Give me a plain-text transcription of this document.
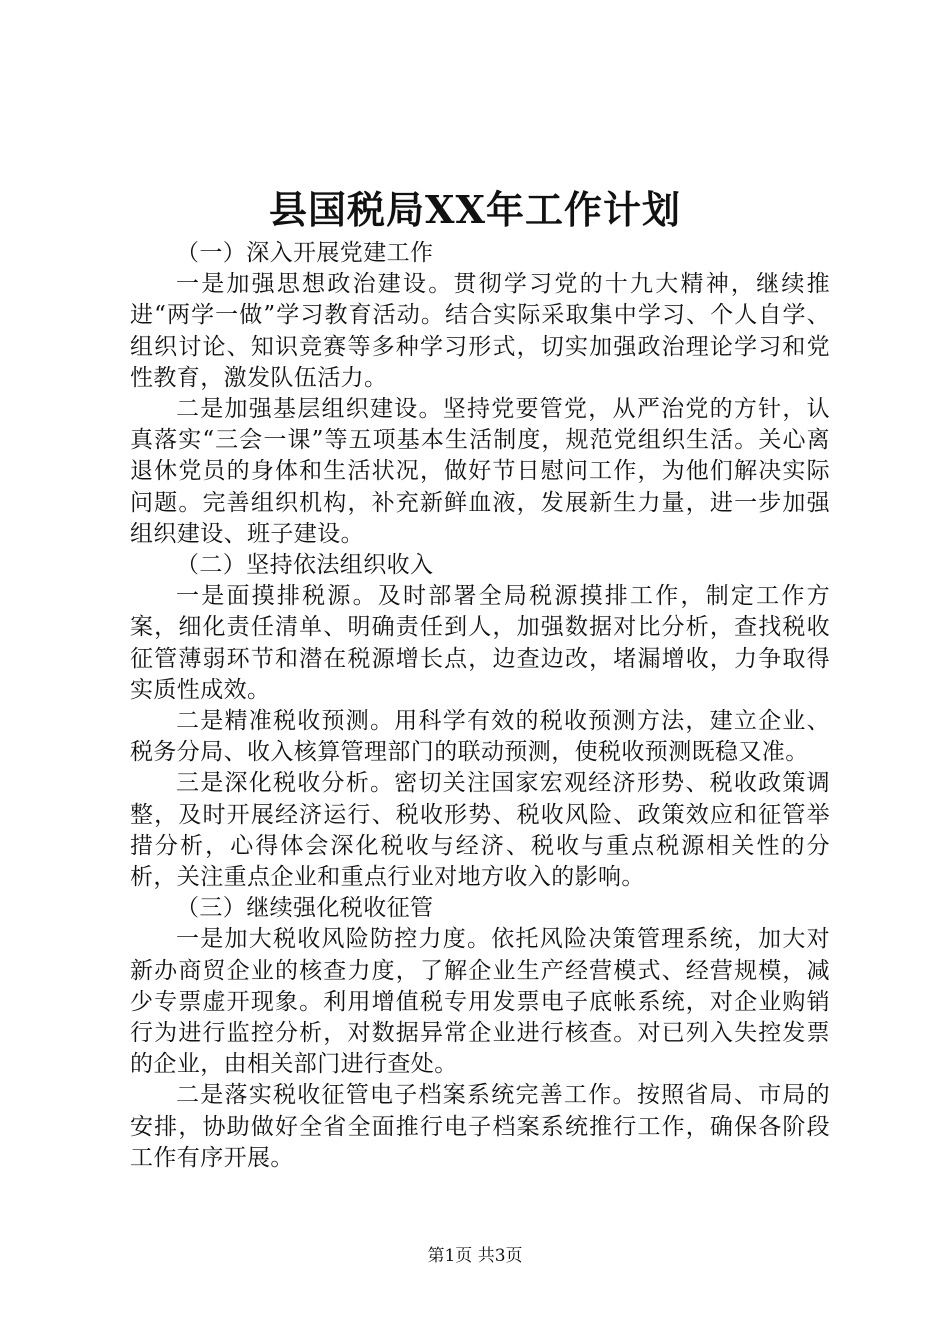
县国税局XX年工作计划

（一）深入开展党建工作

一是加强思想政治建设。贯彻学习党的十九大精神，继续推进“两学一做”学习教育活动。结合实际采取集中学习、个人自学、组织讨论、知识竞赛等多种学习形式，切实加强政治理论学习和党性教育，激发队伍活力。

二是加强基层组织建设。坚持党要管党，从严治党的方针，认真落实“三会一课”等五项基本生活制度，规范党组织生活。关心离退休党员的身体和生活状况，做好节日慰问工作，为他们解决实际问题。完善组织机构，补充新鲜血液，发展新生力量，进一步加强组织建设、班子建设。

（二）坚持依法组织收入

一是面摸排税源。及时部署全局税源摸排工作，制定工作方案，细化责任清单、明确责任到人，加强数据对比分析，查找税收征管薄弱环节和潜在税源增长点，边查边改，堵漏增收，力争取得实质性成效。

二是精准税收预测。用科学有效的税收预测方法，建立企业、税务分局、收入核算管理部门的联动预测，使税收预测既稳又准。

三是深化税收分析。密切关注国家宏观经济形势、税收政策调整，及时开展经济运行、税收形势、税收风险、政策效应和征管举措分析，心得体会深化税收与经济、税收与重点税源相关性的分析，关注重点企业和重点行业对地方收入的影响。

（三）继续强化税收征管

一是加大税收风险防控力度。依托风险决策管理系统，加大对新办商贸企业的核查力度，了解企业生产经营模式、经营规模，减少专票虚开现象。利用增值税专用发票电子底帐系统，对企业购销行为进行监控分析，对数据异常企业进行核查。对已列入失控发票的企业，由相关部门进行查处。

二是落实税收征管电子档案系统完善工作。按照省局、市局的安排，协助做好全省全面推行电子档案系统推行工作，确保各阶段工作有序开展。

第1页 共3页
